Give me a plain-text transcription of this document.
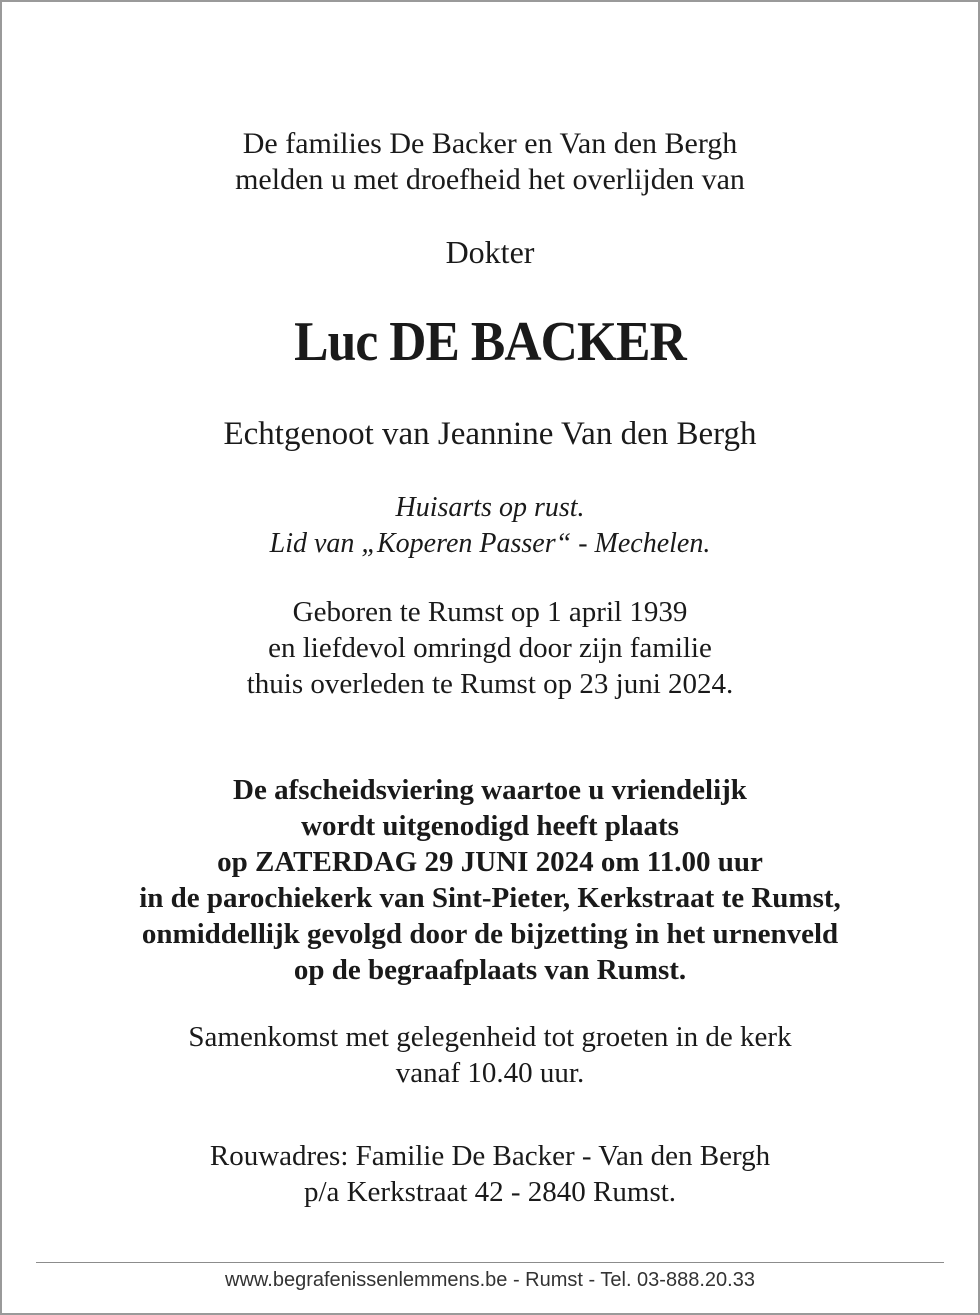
De families De Backer en Van den Bergh
melden u met droefheid het overlijden van
Dokter
Luc DE BACKER
Echtgenoot van Jeannine Van den Bergh
Huisarts op rust.
Lid van „Koperen Passer“ - Mechelen.
Geboren te Rumst op 1 april 1939
en liefdevol omringd door zijn familie
thuis overleden te Rumst op 23 juni 2024.
De afscheidsviering waartoe u vriendelijk
wordt uitgenodigd heeft plaats
op ZATERDAG 29 JUNI 2024 om 11.00 uur
in de parochiekerk van Sint-Pieter, Kerkstraat te Rumst,
onmiddellijk gevolgd door de bijzetting in het urnenveld
op de begraafplaats van Rumst.
Samenkomst met gelegenheid tot groeten in de kerk
vanaf 10.40 uur.
Rouwadres: Familie De Backer - Van den Bergh
p/a Kerkstraat 42 - 2840 Rumst.
www.begrafenissenlemmens.be - Rumst - Tel. 03-888.20.33
